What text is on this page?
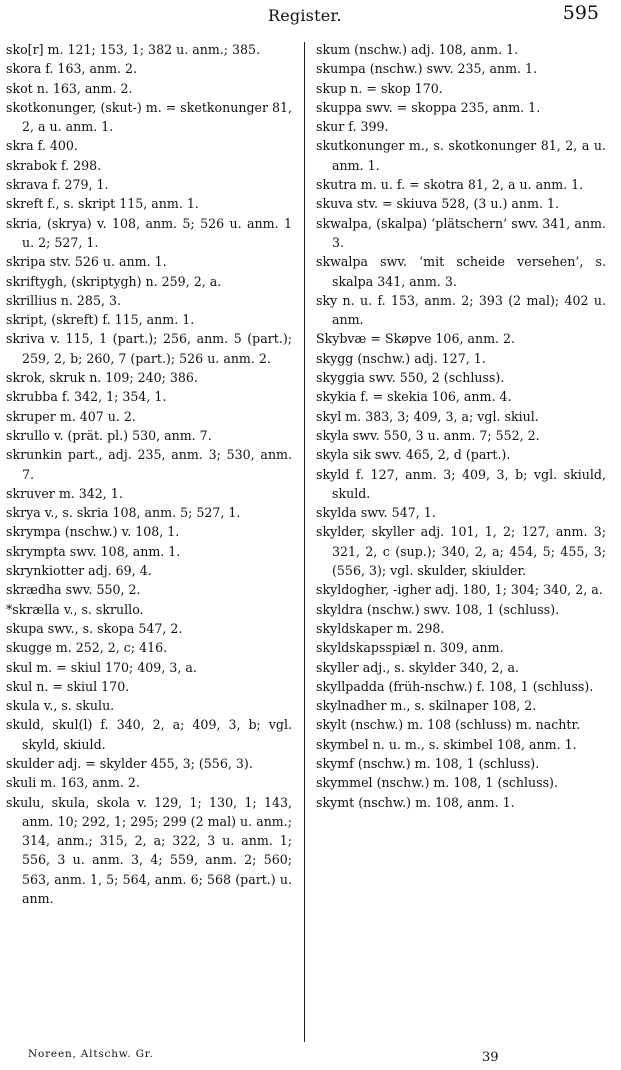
Register.	595
sko[r] m. 121; 153, 1; 382 u. anm.; 385.
skora f. 163, anm. 2.
skot n. 163, anm. 2.
skotkonunger, (skut-) m. = sketkonunger 81, 2, a u. anm. 1.
skra f. 400.
skrabok f. 298.
skrava f. 279, 1.
skreft f., s. skript 115, anm. 1.
skria, (skrya) v. 108, anm. 5; 526 u. anm. 1 u. 2; 527, 1.
skripa stv. 526 u. anm. 1.
skriftygh, (skriptygh) n. 259, 2, a.
skrillius n. 285, 3.
skript, (skreft) f. 115, anm. 1.
skriva v. 115, 1 (part.); 256, anm. 5 (part.); 259, 2, b; 260, 7 (part.); 526 u. anm. 2.
skrok, skruk n. 109; 240; 386.
skrubba f. 342, 1; 354, 1.
skruper m. 407 u. 2.
skrullo v. (prät. pl.) 530, anm. 7.
skrunkin part., adj. 235, anm. 3; 530, anm. 7.
skruver m. 342, 1.
skrya v., s. skria 108, anm. 5; 527, 1.
skrympa (nschw.) v. 108, 1.
skrympta swv. 108, anm. 1.
skrynkiotter adj. 69, 4.
skrædha swv. 550, 2.
*skrælla v., s. skrullo.
skupa swv., s. skopa 547, 2.
skugge m. 252, 2, c; 416.
skul m. = skiul 170; 409, 3, a.
skul n. = skiul 170.
skula v., s. skulu.
skuld, skul(l) f. 340, 2, a; 409, 3, b; vgl. skyld, skiuld.
skulder adj. = skylder 455, 3; (556, 3).
skuli m. 163, anm. 2.
skulu, skula, skola v. 129, 1; 130, 1; 143, anm. 10; 292, 1; 295; 299 (2 mal) u. anm.; 314, anm.; 315, 2, a; 322, 3 u. anm. 1; 556, 3 u. anm. 3, 4; 559, anm. 2; 560; 563, anm. 1, 5; 564, anm. 6; 568 (part.) u. anm.
skum (nschw.) adj. 108, anm. 1.
skumpa (nschw.) swv. 235, anm. 1.
skup n. = skop 170.
skuppa swv. = skoppa 235, anm. 1.
skur f. 399.
skutkonunger m., s. skotkonunger 81, 2, a u. anm. 1.
skutra m. u. f. = skotra 81, 2, a u. anm. 1.
skuva stv. = skiuva 528, (3 u.) anm. 1.
skwalpa, (skalpa) ‘plätschern’ swv. 341, anm. 3.
skwalpa swv. ‘mit scheide versehen’, s. skalpa 341, anm. 3.
sky n. u. f. 153, anm. 2; 393 (2 mal); 402 u. anm.
Skybvæ = Skøpve 106, anm. 2.
skygg (nschw.) adj. 127, 1.
skyggia swv. 550, 2 (schluss).
skykia f. = skekia 106, anm. 4.
skyl m. 383, 3; 409, 3, a; vgl. skiul.
skyla swv. 550, 3 u. anm. 7; 552, 2.
skyla sik swv. 465, 2, d (part.).
skyld f. 127, anm. 3; 409, 3, b; vgl. skiuld, skuld.
skylda swv. 547, 1.
skylder, skyller adj. 101, 1, 2; 127, anm. 3; 321, 2, c (sup.); 340, 2, a; 454, 5; 455, 3; (556, 3); vgl. skulder, skiulder.
skyldogher, -igher adj. 180, 1; 304; 340, 2, a.
skyldra (nschw.) swv. 108, 1 (schluss).
skyldskaper m. 298.
skyldskapsspiæl n. 309, anm.
skyller adj., s. skylder 340, 2, a.
skyllpadda (früh-nschw.) f. 108, 1 (schluss).
skylnadher m., s. skilnaper 108, 2.
skylt (nschw.) m. 108 (schluss) m. nachtr.
skymbel n. u. m., s. skimbel 108, anm. 1.
skymf (nschw.) m. 108, 1 (schluss).
skymmel (nschw.) m. 108, 1 (schluss).
skymt (nschw.) m. 108, anm. 1.
Noreen, Altschw. Gr.	39
